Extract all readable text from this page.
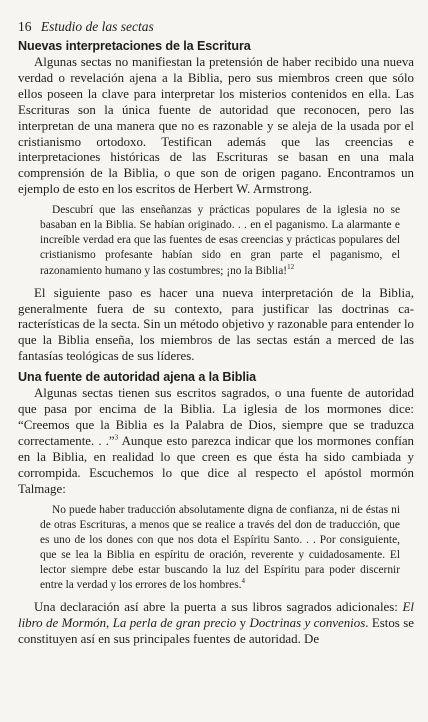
16 Estudio de las sectas
Nuevas interpretaciones de la Escritura

Algunas sectas no manifiestan la pretensión de haber recibido una nueva verdad o revelación ajena a la Biblia, pero sus miembros creen que sólo ellos poseen la clave para interpretar los misterios contenidos en ella. Las Escrituras son la única fuente de autoridad que reconocen, pero las interpretan de una manera que no es razonable y se aleja de la usada por el cristianismo ortodoxo. Testifican además que las creencias e interpretaciones históricas de las Escrituras se basan en una mala comprensión de la Biblia, o que son de origen pagano. Encontramos un ejemplo de esto en los escritos de Herbert W. Armstrong.

Descubrí que las enseñanzas y prácticas populares de la iglesia no se basaban en la Biblia. Se habían originado. . . en el paganismo. La alarmante e increíble verdad era que las fuentes de esas creencias y prácticas populares del cristianismo profesante habían sido en gran parte el paganismo, el razonamiento humano y las costumbres; ¡no la Biblia!$^{12}$

El siguiente paso es hacer una nueva interpretación de la Biblia, generalmente fuera de su contexto, para justificar las doctrinas características de la secta. Sin un método objetivo y razonable para entender lo que la Biblia enseña, los miembros de las sectas están a merced de las fantasías teológicas de sus líderes.

Una fuente de autoridad ajena a la Biblia

Algunas sectas tienen sus escritos sagrados, o una fuente de autoridad que pasa por encima de la Biblia. La iglesia de los mormones dice: “Creemos que la Biblia es la Palabra de Dios, siempre que se traduzca correctamente. . .”$^3$ Aunque esto parezca indicar que los mormones confían en la Biblia, en realidad lo que creen es que ésta ha sido cambiada y corrompida. Escuchemos lo que dice al respecto el apóstol mormón Talmage:

No puede haber traducción absolutamente digna de confianza, ni de éstas ni de otras Escrituras, a menos que se realice a través del don de traducción, que es uno de los dones con que nos dota el Espíritu Santo. . . Por consiguiente, que se lea la Biblia en espíritu de oración, reverente y cuidadosamente. El lector siempre debe estar buscando la luz del Espíritu para poder discernir entre la verdad y los errores de los hombres.$^4$

Una declaración así abre la puerta a sus libros sagrados adicionales: El libro de Mormón, La perla de gran precio y Doctrinas y convenios. Estos se constituyen así en sus principales fuentes de autoridad. De
